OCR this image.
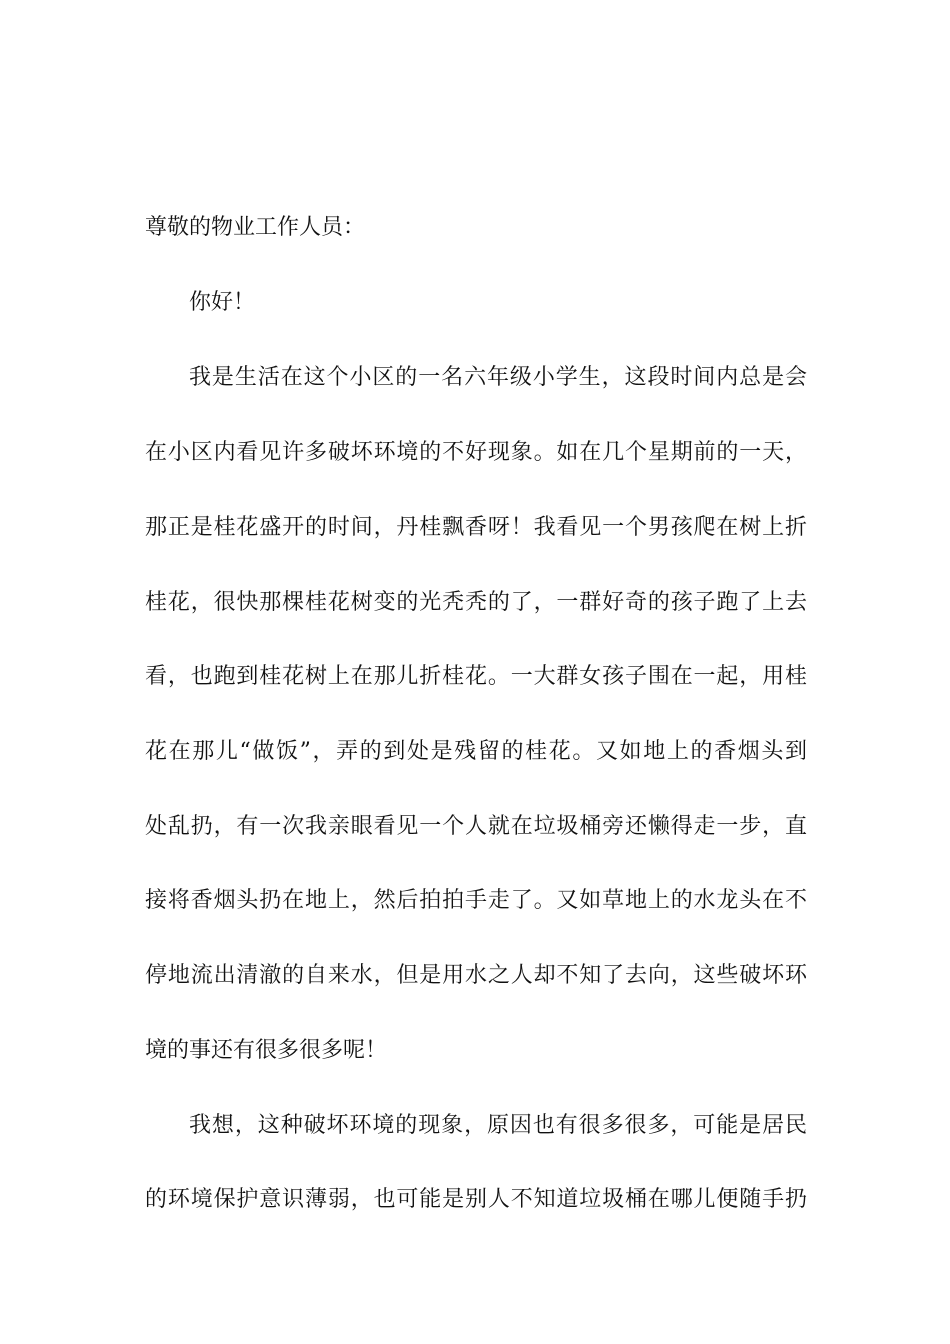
尊敬的物业工作人员：

你好！

我是生活在这个小区的一名六年级小学生，这段时间内总是会

在小区内看见许多破坏环境的不好现象。如在几个星期前的一天，

那正是桂花盛开的时间，丹桂飘香呀！我看见一个男孩爬在树上折

桂花，很快那棵桂花树变的光秃秃的了，一群好奇的孩子跑了上去

看，也跑到桂花树上在那儿折桂花。一大群女孩子围在一起，用桂

花在那儿“做饭”，弄的到处是残留的桂花。又如地上的香烟头到

处乱扔，有一次我亲眼看见一个人就在垃圾桶旁还懒得走一步，直

接将香烟头扔在地上，然后拍拍手走了。又如草地上的水龙头在不

停地流出清澈的自来水，但是用水之人却不知了去向，这些破坏环

境的事还有很多很多呢！

我想，这种破坏环境的现象，原因也有很多很多，可能是居民

的环境保护意识薄弱，也可能是别人不知道垃圾桶在哪儿便随手扔
